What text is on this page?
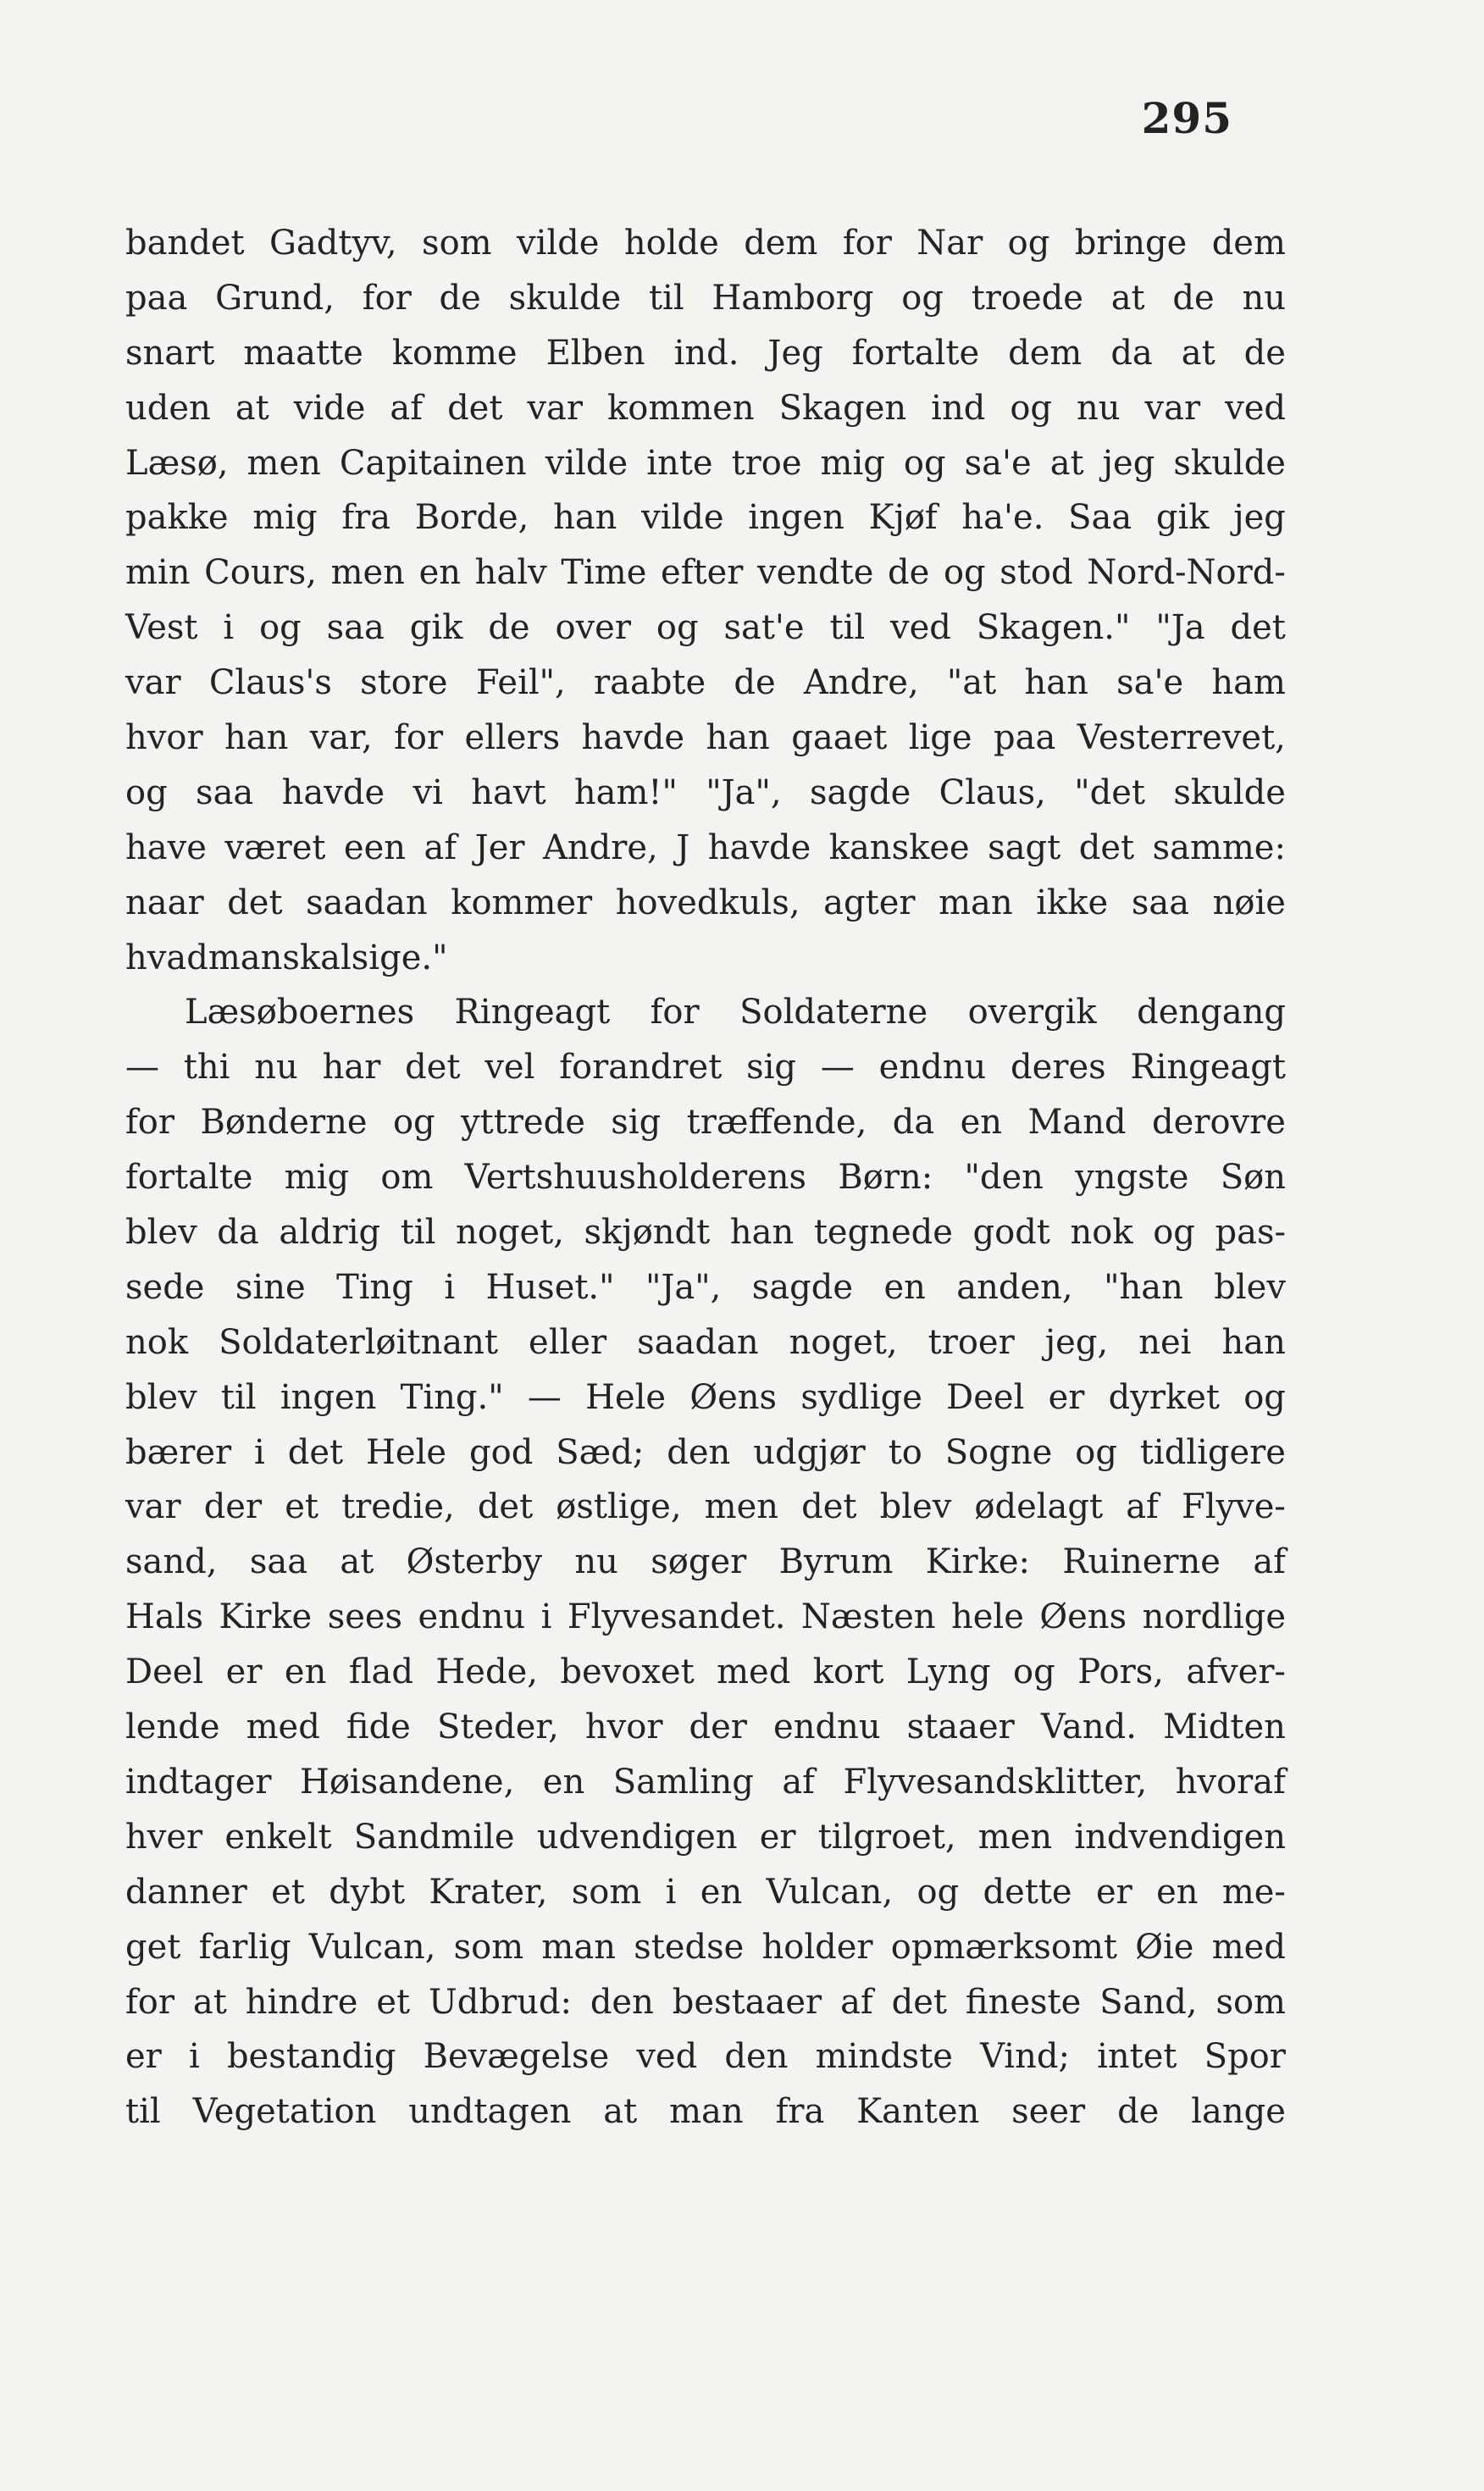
295
bandet Gadtyv, som vilde holde dem for Nar og bringe dem
paa Grund, for de skulde til Hamborg og troede at de nu
snart maatte komme Elben ind. Jeg fortalte dem da at de
uden at vide af det var kommen Skagen ind og nu var ved
Læsø, men Capitainen vilde inte troe mig og sa'e at jeg skulde
pakke mig fra Borde, han vilde ingen Kjøf ha'e. Saa gik jeg
min Cours, men en halv Time efter vendte de og stod Nord-Nord-
Vest i og saa gik de over og sat'e til ved Skagen." "Ja det
var Claus's store Feil", raabte de Andre, "at han sa'e ham
hvor han var, for ellers havde han gaaet lige paa Vesterrevet,
og saa havde vi havt ham!" "Ja", sagde Claus, "det skulde
have været een af Jer Andre, J havde kanskee sagt det samme:
naar det saadan kommer hovedkuls, agter man ikke saa nøie
hvad man skal sige."
Læsøboernes Ringeagt for Soldaterne overgik dengang
— thi nu har det vel forandret sig — endnu deres Ringeagt
for Bønderne og yttrede sig træffende, da en Mand derovre
fortalte mig om Vertshuusholderens Børn: "den yngste Søn
blev da aldrig til noget, skjøndt han tegnede godt nok og pas-
sede sine Ting i Huset." "Ja", sagde en anden, "han blev
nok Soldaterløitnant eller saadan noget, troer jeg, nei han
blev til ingen Ting." — Hele Øens sydlige Deel er dyrket og
bærer i det Hele god Sæd; den udgjør to Sogne og tidligere
var der et tredie, det østlige, men det blev ødelagt af Flyve-
sand, saa at Østerby nu søger Byrum Kirke: Ruinerne af
Hals Kirke sees endnu i Flyvesandet. Næsten hele Øens nordlige
Deel er en flad Hede, bevoxet med kort Lyng og Pors, afver-
lende med fide Steder, hvor der endnu staaer Vand. Midten
indtager Høisandene, en Samling af Flyvesandsklitter, hvoraf
hver enkelt Sandmile udvendigen er tilgroet, men indvendigen
danner et dybt Krater, som i en Vulcan, og dette er en me-
get farlig Vulcan, som man stedse holder opmærksomt Øie med
for at hindre et Udbrud: den bestaaer af det fineste Sand, som
er i bestandig Bevægelse ved den mindste Vind; intet Spor
til Vegetation undtagen at man fra Kanten seer de lange
